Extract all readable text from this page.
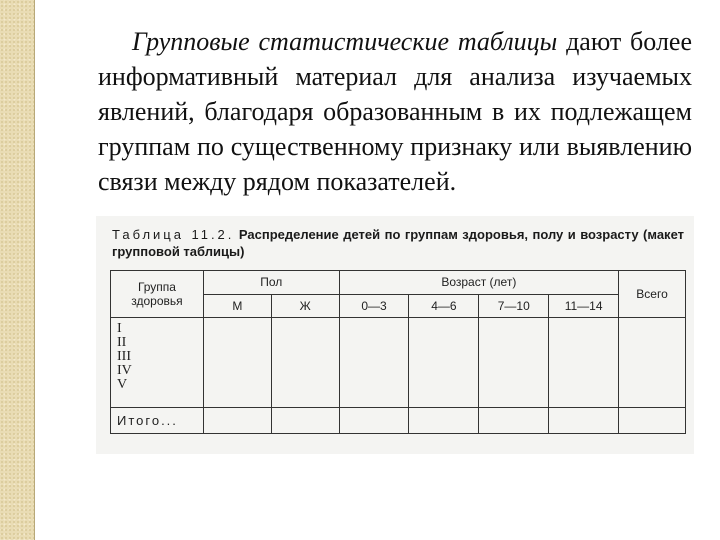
Групповые статистические таблицы дают более информативный материал для анализа изучаемых явлений, благодаря образованным в их подлежащем группам по существенному признаку или выявлению связи между рядом показателей.
Таблица 11.2. Распределение детей по группам здоровья, полу и возрасту (макет групповой таблицы)
Группа здоровья	Пол		Возраст (лет)				Всего
	М	Ж	0—3	4—6	7—10	11—14	

I
II
III
IV
V							

Итого...							
